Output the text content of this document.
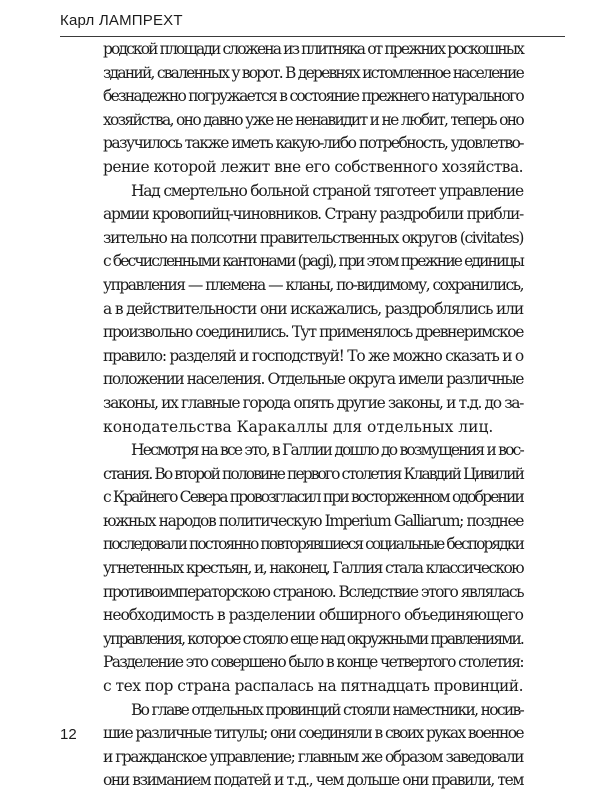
Карл ЛАМПРЕХТ
родской площади сложена из плитняка от прежних роскошных
зданий, сваленных у ворот. В деревнях истомленное население
безнадежно погружается в состояние прежнего натурального
хозяйства, оно давно уже не ненавидит и не любит, теперь оно
разучилось также иметь какую-либо потребность, удовлетво-
рение которой лежит вне его собственного хозяйства.
Над смертельно больной страной тяготеет управление
армии кровопийц-чиновников. Страну раздробили прибли-
зительно на полсотни правительственных округов (civitates)
с бесчисленными кантонами (pagi), при этом прежние единицы
управления — племена — кланы, по-видимому, сохранились,
а в действительности они искажались, раздроблялись или
произвольно соединились. Тут применялось древнеримское
правило: разделяй и господствуй! То же можно сказать и о
положении населения. Отдельные округа имели различные
законы, их главные города опять другие законы, и т.д. до за-
конодательства Каракаллы для отдельных лиц.
Несмотря на все это, в Галлии дошло до возмущения и вос-
стания. Во второй половине первого столетия Клавдий Цивилий
с Крайнего Севера провозгласил при восторженном одобрении
южных народов политическую Imperium Galliarum; позднее
последовали постоянно повторявшиеся социальные беспорядки
угнетенных крестьян, и, наконец, Галлия стала классическою
противоимператорскою страною. Вследствие этого являлась
необходимость в разделении обширного объединяющего
управления, которое стояло еще над окружными правлениями.
Разделение это совершено было в конце четвертого столетия:
с тех пор страна распалась на пятнадцать провинций.
Во главе отдельных провинций стояли наместники, носив-
шие различные титулы; они соединяли в своих руках военное
и гражданское управление; главным же образом заведовали
они взиманием податей и т.д., чем дольше они правили, тем
12
